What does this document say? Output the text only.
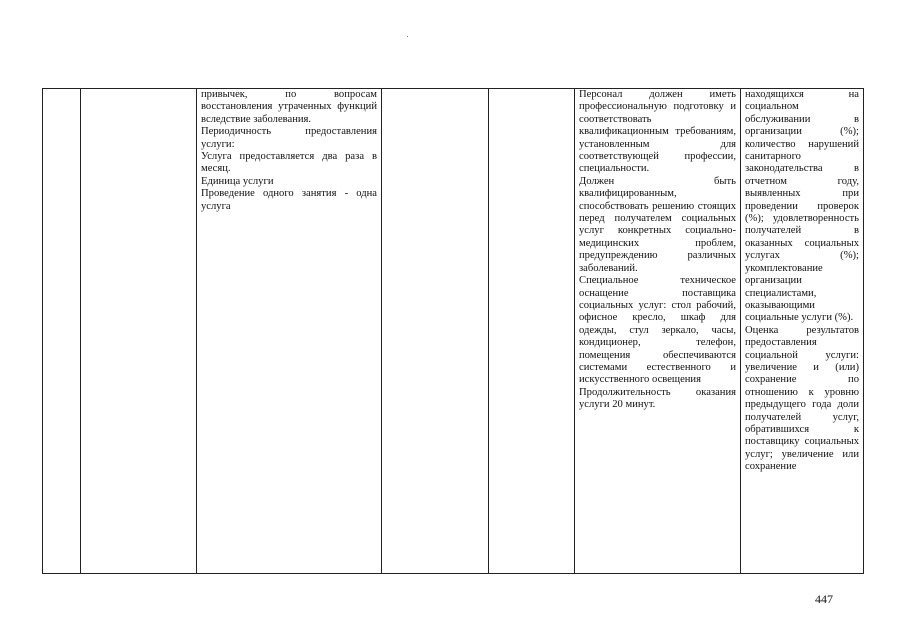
привычек, по вопросам восстановления утраченных функций вследствие заболевания.

Периодичность предоставления услуги:

Услуга предоставляется два раза в месяц.

Единица услуги

Проведение одного занятия - одна услуга

Персонал должен иметь профессиональную подготовку и соответствовать квалификационным требованиям, установленным для соответствующей профессии, специальности.

Должен быть квалифицированным, способствовать решению стоящих перед получателем социальных услуг конкретных социально-медицинских проблем, предупреждению различных заболеваний.

Специальное техническое оснащение поставщика социальных услуг: стол рабочий, офисное кресло, шкаф для одежды, стул зеркало, часы, кондиционер, телефон, помещения обеспечиваются системами естественного и искусственного освещения

Продолжительность оказания услуги 20 минут.

находящихся на социальном обслуживании в организации (%); количество нарушений санитарного законодательства в отчетном году, выявленных при проведении проверок (%); удовлетворенность получателей в оказанных социальных услугах (%); укомплектование организации специалистами, оказывающими социальные услуги (%).

Оценка результатов предоставления социальной услуги: увеличение и (или) сохранение по отношению к уровню предыдущего года доли получателей услуг, обратившихся к поставщику социальных услуг; увеличение или сохранение

447
